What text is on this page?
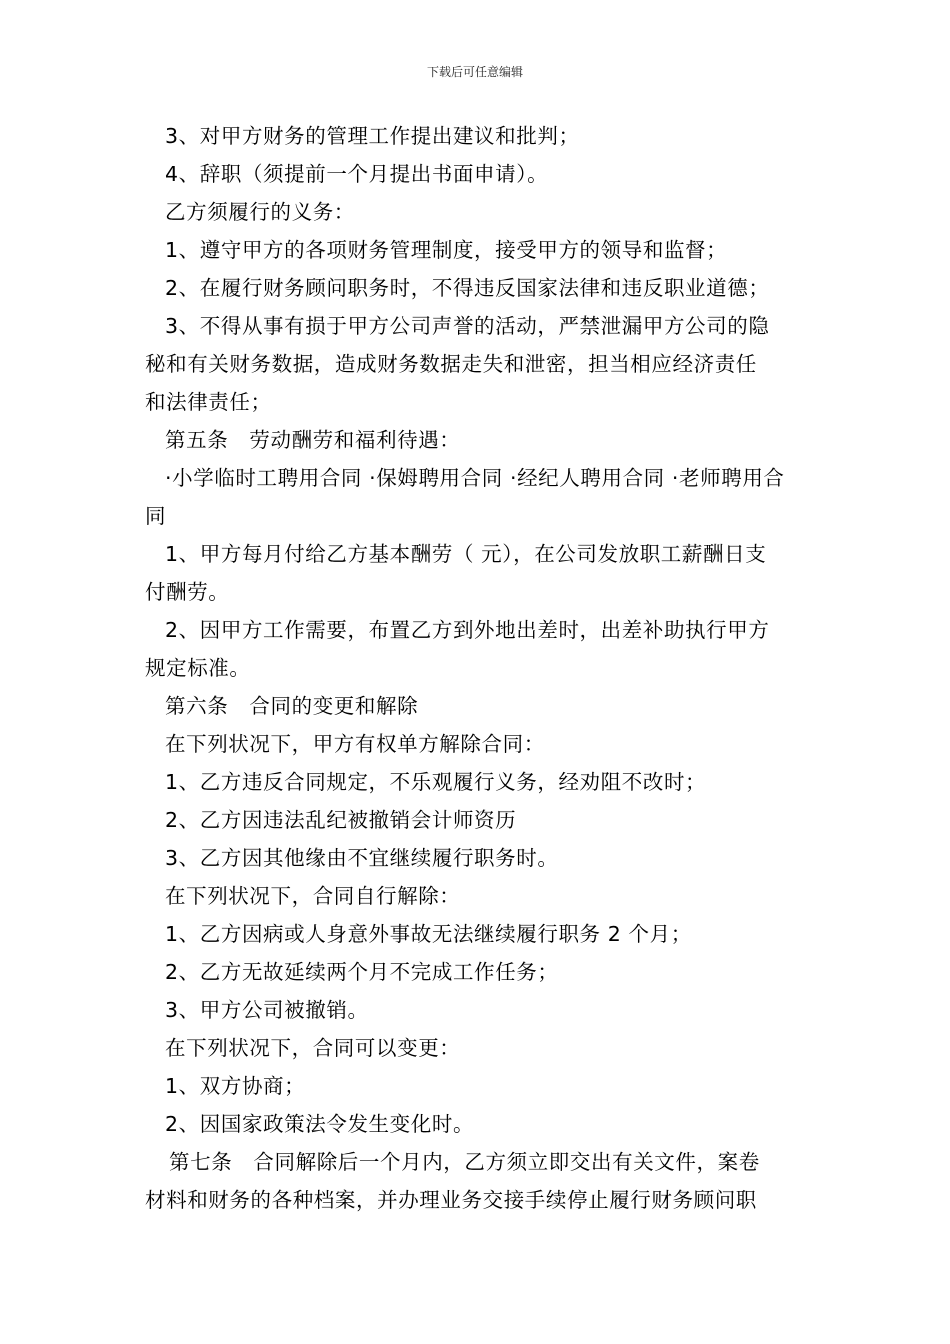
下载后可任意编辑
3、对甲方财务的管理工作提出建议和批判；
4、辞职（须提前一个月提出书面申请）。
乙方须履行的义务：
1、遵守甲方的各项财务管理制度，接受甲方的领导和监督；
2、在履行财务顾问职务时，不得违反国家法律和违反职业道德；
3、不得从事有损于甲方公司声誉的活动，严禁泄漏甲方公司的隐
秘和有关财务数据，造成财务数据走失和泄密，担当相应经济责任
和法律责任；
第五条　劳动酬劳和福利待遇：
·小学临时工聘用合同 ·保姆聘用合同 ·经纪人聘用合同 ·老师聘用合
同
1、甲方每月付给乙方基本酬劳（ 元），在公司发放职工薪酬日支
付酬劳。
2、因甲方工作需要，布置乙方到外地出差时，出差补助执行甲方
规定标准。
第六条　合同的变更和解除
在下列状况下，甲方有权单方解除合同：
1、乙方违反合同规定，不乐观履行义务，经劝阻不改时；
2、乙方因违法乱纪被撤销会计师资历
3、乙方因其他缘由不宜继续履行职务时。
在下列状况下，合同自行解除：
1、乙方因病或人身意外事故无法继续履行职务 2 个月；
2、乙方无故延续两个月不完成工作任务；
3、甲方公司被撤销。
在下列状况下，合同可以变更：
1、双方协商；
2、因国家政策法令发生变化时。
第七条　合同解除后一个月内，乙方须立即交出有关文件，案卷
材料和财务的各种档案，并办理业务交接手续停止履行财务顾问职
